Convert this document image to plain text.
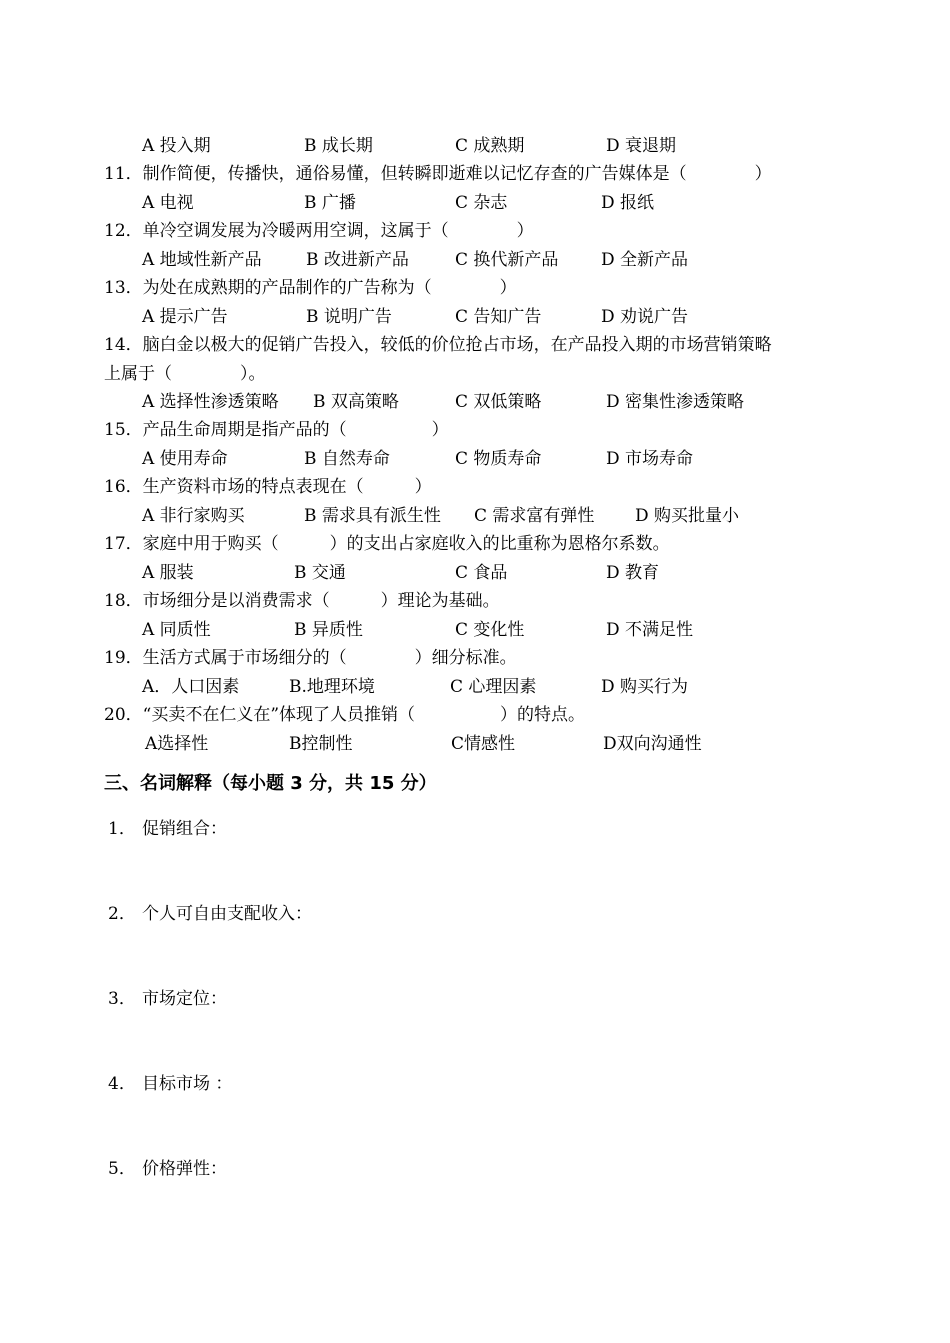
A 投入期	B 成长期	C 成熟期	D 衰退期
11．制作简便，传播快，通俗易懂，但转瞬即逝难以记忆存查的广告媒体是（　　　　）
A 电视	B 广播	C 杂志	D 报纸
12．单冷空调发展为冷暖两用空调，这属于（　　　　）
A 地域性新产品	B 改进新产品	C 换代新产品	D 全新产品
13．为处在成熟期的产品制作的广告称为（　　　　）
A 提示广告	B 说明广告	C 告知广告	D 劝说广告
14．脑白金以极大的促销广告投入，较低的价位抢占市场，在产品投入期的市场营销策略
上属于（　　　　）。
A 选择性渗透策略 B 双高策略	C 双低策略	D 密集性渗透策略
15．产品生命周期是指产品的（　　　　　）
A 使用寿命	B 自然寿命	C 物质寿命	D 市场寿命
16．生产资料市场的特点表现在（　　　）
A 非行家购买	B 需求具有派生性 C 需求富有弹性 D 购买批量小
17．家庭中用于购买（　　　）的支出占家庭收入的比重称为恩格尔系数。
A 服装	B 交通	C 食品	D 教育
18．市场细分是以消费需求（　　　）理论为基础。
A 同质性	B 异质性	C 变化性	D 不满足性
19．生活方式属于市场细分的（　　　　）细分标准。
A．人口因素	B.地理环境	C 心理因素	D 购买行为
20．“买卖不在仁义在”体现了人员推销（　　　　　）的特点。
A选择性	B控制性	C情感性	D双向沟通性
三、名词解释（每小题 3 分，共 15 分）
1． 促销组合：
2． 个人可自由支配收入：
3． 市场定位：
4． 目标市场 ：
5． 价格弹性：
